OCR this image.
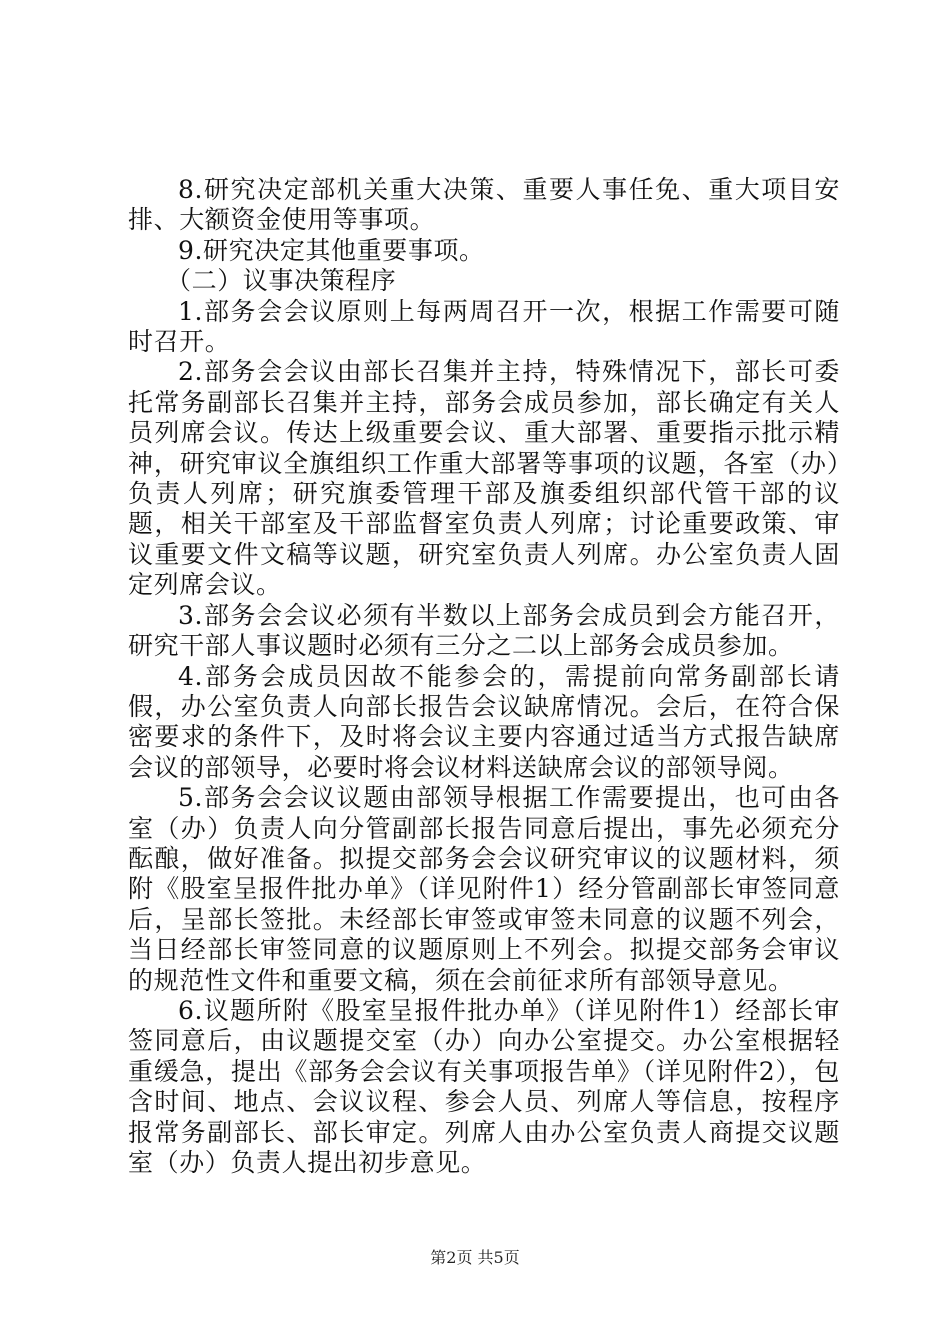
8.研究决定部机关重大决策、重要人事任免、重大项目安排、大额资金使用等事项。

9.研究决定其他重要事项。

（二）议事决策程序

1.部务会会议原则上每两周召开一次，根据工作需要可随时召开。

2.部务会会议由部长召集并主持，特殊情况下，部长可委托常务副部长召集并主持，部务会成员参加，部长确定有关人员列席会议。传达上级重要会议、重大部署、重要指示批示精神，研究审议全旗组织工作重大部署等事项的议题，各室（办）负责人列席；研究旗委管理干部及旗委组织部代管干部的议题，相关干部室及干部监督室负责人列席；讨论重要政策、审议重要文件文稿等议题，研究室负责人列席。办公室负责人固定列席会议。

3.部务会会议必须有半数以上部务会成员到会方能召开，研究干部人事议题时必须有三分之二以上部务会成员参加。

4.部务会成员因故不能参会的，需提前向常务副部长请假，办公室负责人向部长报告会议缺席情况。会后，在符合保密要求的条件下，及时将会议主要内容通过适当方式报告缺席会议的部领导，必要时将会议材料送缺席会议的部领导阅。

5.部务会会议议题由部领导根据工作需要提出，也可由各室（办）负责人向分管副部长报告同意后提出，事先必须充分酝酿，做好准备。拟提交部务会会议研究审议的议题材料，须附《股室呈报件批办单》（详见附件1）经分管副部长审签同意后，呈部长签批。未经部长审签或审签未同意的议题不列会，当日经部长审签同意的议题原则上不列会。拟提交部务会审议的规范性文件和重要文稿，须在会前征求所有部领导意见。

6.议题所附《股室呈报件批办单》（详见附件1）经部长审签同意后，由议题提交室（办）向办公室提交。办公室根据轻重缓急，提出《部务会会议有关事项报告单》（详见附件2），包含时间、地点、会议议程、参会人员、列席人等信息，按程序报常务副部长、部长审定。列席人由办公室负责人商提交议题室（办）负责人提出初步意见。

第2页 共5页
